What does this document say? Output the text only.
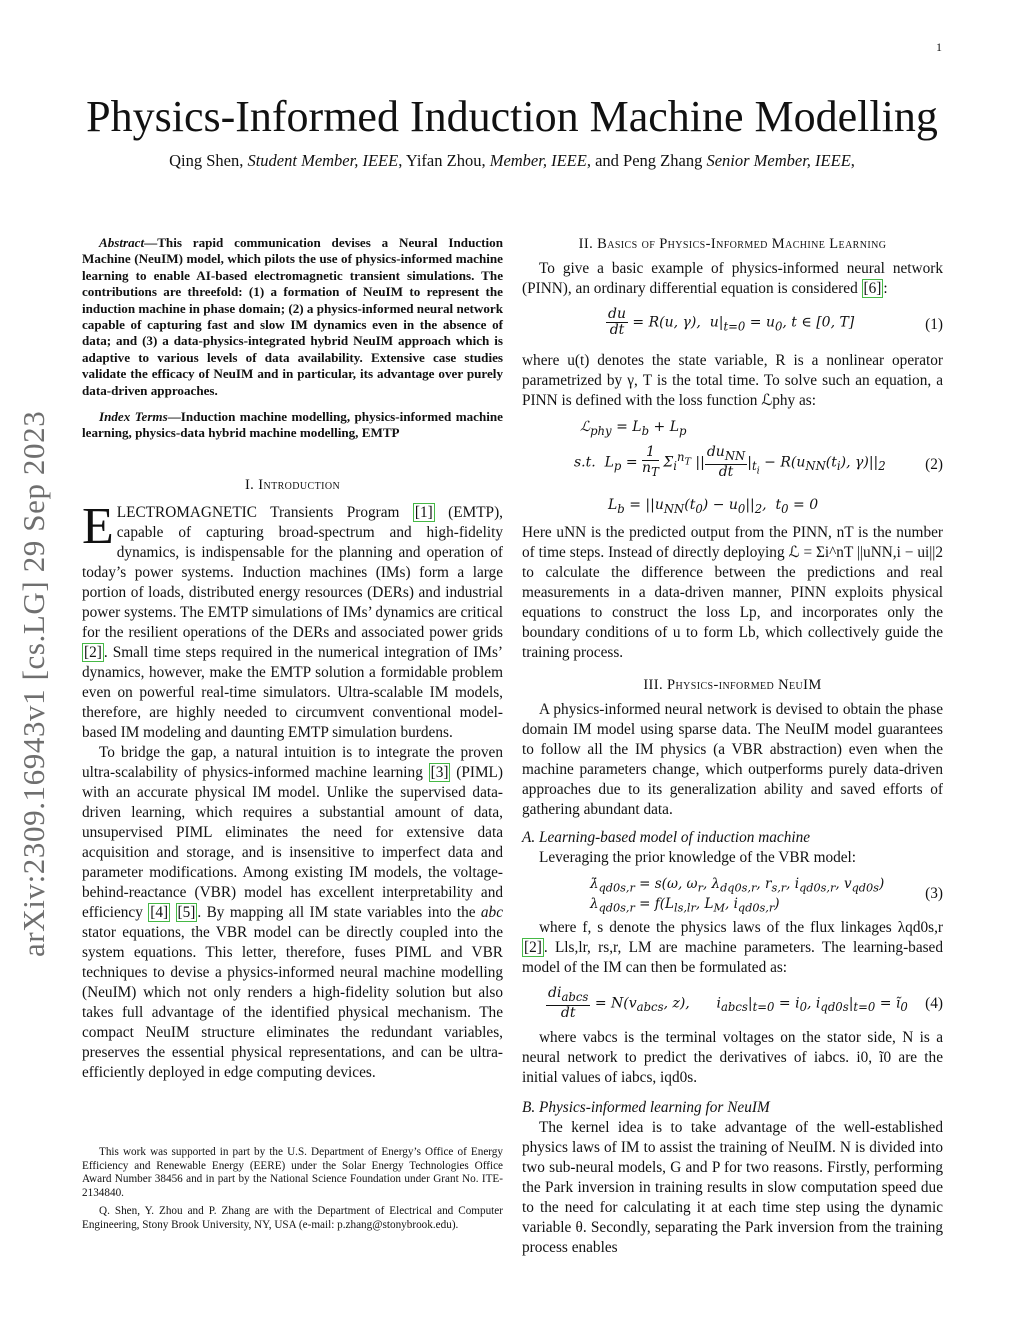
1
arXiv:2309.16943v1 [cs.LG] 29 Sep 2023
Physics-Informed Induction Machine Modelling
Qing Shen, Student Member, IEEE, Yifan Zhou, Member, IEEE, and Peng Zhang Senior Member, IEEE,

Abstract—This rapid communication devises a Neural Induction Machine (NeuIM) model, which pilots the use of physics-informed machine learning to enable AI-based electromagnetic transient simulations. The contributions are threefold: (1) a formation of NeuIM to represent the induction machine in phase domain; (2) a physics-informed neural network capable of capturing fast and slow IM dynamics even in the absence of data; and (3) a data-physics-integrated hybrid NeuIM approach which is adaptive to various levels of data availability. Extensive case studies validate the efficacy of NeuIM and in particular, its advantage over purely data-driven approaches.

Index Terms—Induction machine modelling, physics-informed machine learning, physics-data hybrid machine modelling, EMTP

I. Introduction

ELECTROMAGNETIC Transients Program [1] (EMTP), capable of capturing broad-spectrum and high-fidelity dynamics, is indispensable for the planning and operation of today’s power systems. Induction machines (IMs) form a large portion of loads, distributed energy resources (DERs) and industrial power systems. The EMTP simulations of IMs’ dynamics are critical for the resilient operations of the DERs and associated power grids [2] . Small time steps required in the numerical integration of IMs’ dynamics, however, make the EMTP solution a formidable problem even on powerful real-time simulators. Ultra-scalable IM models, therefore, are highly needed to circumvent conventional model-based IM modeling and daunting EMTP simulation burdens.

To bridge the gap, a natural intuition is to integrate the proven ultra-scalability of physics-informed machine learning [3] (PIML) with an accurate physical IM model. Unlike the supervised data-driven learning, which requires a substantial amount of data, unsupervised PIML eliminates the need for extensive data acquisition and storage, and is insensitive to imperfect data and parameter modifications. Among existing IM models, the voltage-behind-reactance (VBR) model has excellent interpretability and efficiency [4] [5] . By mapping all IM state variables into the abc stator equations, the VBR model can be directly coupled into the system equations. This letter, therefore, fuses PIML and VBR techniques to devise a physics-informed neural machine modelling (NeuIM) which not only renders a high-fidelity solution but also takes full advantage of the identified physical mechanism. The compact NeuIM structure eliminates the redundant variables, preserves the essential physical representations, and can be ultra-efficiently deployed in edge computing devices.

This work was supported in part by the U.S. Department of Energy’s Office of Energy Efficiency and Renewable Energy (EERE) under the Solar Energy Technologies Office Award Number 38456 and in part by the National Science Foundation under Grant No. ITE-2134840.

Q. Shen, Y. Zhou and P. Zhang are with the Department of Electrical and Computer Engineering, Stony Brook University, NY, USA (e-mail: p.zhang@stonybrook.edu).

II. Basics of Physics-Informed Machine Learning

To give a basic example of physics-informed neural network (PINN), an ordinary differential equation is considered [6] :

$\frac{du}{dt} = R(u$, γ),  $u|_{t=0} = u_0$, t ∈ [0, T]	(1)

where u(t) denotes the state variable, R is a nonlinear operator parametrized by γ, T is the total time. To solve such an equation, a PINN is defined with the loss function ℒphy as:

ℒ$_{phy}$ = $L_b + L_p$
s.t.  $L_p = \frac{1}{n_T} \Sigma_i^{n_T}$ || $\frac{du_{NN}}{dt} |_{t_i} - R(u_{NN}(t_i)$, $\gamma)||_2$
$L_b = ||u_{NN}(t_0) - u_0||_2$,  $t_0 = 0$
(2)

Here uNN is the predicted output from the PINN, nT is the number of time steps. Instead of directly deploying ℒ = Σi^nT ||uNN,i − ui||2 to calculate the difference between the predictions and real measurements in a data-driven manner, PINN exploits physical equations to construct the loss Lp, and incorporates only the boundary conditions of u to form Lb, which collectively guide the training process.

III. Physics-informed NeuIM

A physics-informed neural network is devised to obtain the phase domain IM model using sparse data. The NeuIM model guarantees to follow all the IM physics (a VBR abstraction) even when the machine parameters change, which outperforms purely data-driven approaches due to its generalization ability and saved efforts of gathering abundant data.

A. Learning-based model of induction machine

Leveraging the prior knowledge of the VBR model:

$\lambdȧ_{qd0s,r} = s(\omega$, $\omega_r$, $\lambda_{dq0s,r}$, $r_{s,r}$, $i_{qd0s,r}$, $v_{qd0s}$)
$\lambda_{qd0s,r} = f(L_{ls,lr}$, $L_M$, $i_{qd0s,r}$)
(3)

where f, s denote the physics laws of the flux linkages λqd0s,r [2] . Lls,lr, rs,r, LM are machine parameters. The learning-based model of the IM can then be formulated as:

$\frac{di_{abcs}}{dt} = N(v_{abcs}$, z),      $i_{abcs}|_{t=0} = i_0$, $i_{qd0s}|_{t=0}$ = $ĩ_0$ (4)

where vabcs is the terminal voltages on the stator side, N is a neural network to predict the derivatives of iabcs. i0, ĩ0 are the initial values of iabcs, iqd0s.

B. Physics-informed learning for NeuIM

The kernel idea is to take advantage of the well-established physics laws of IM to assist the training of NeuIM. N is divided into two sub-neural models, G and P for two reasons. Firstly, performing the Park inversion in training results in slow computation speed due to the need for calculating it at each time step using the dynamic variable θ. Secondly, separating the Park inversion from the training process enables
